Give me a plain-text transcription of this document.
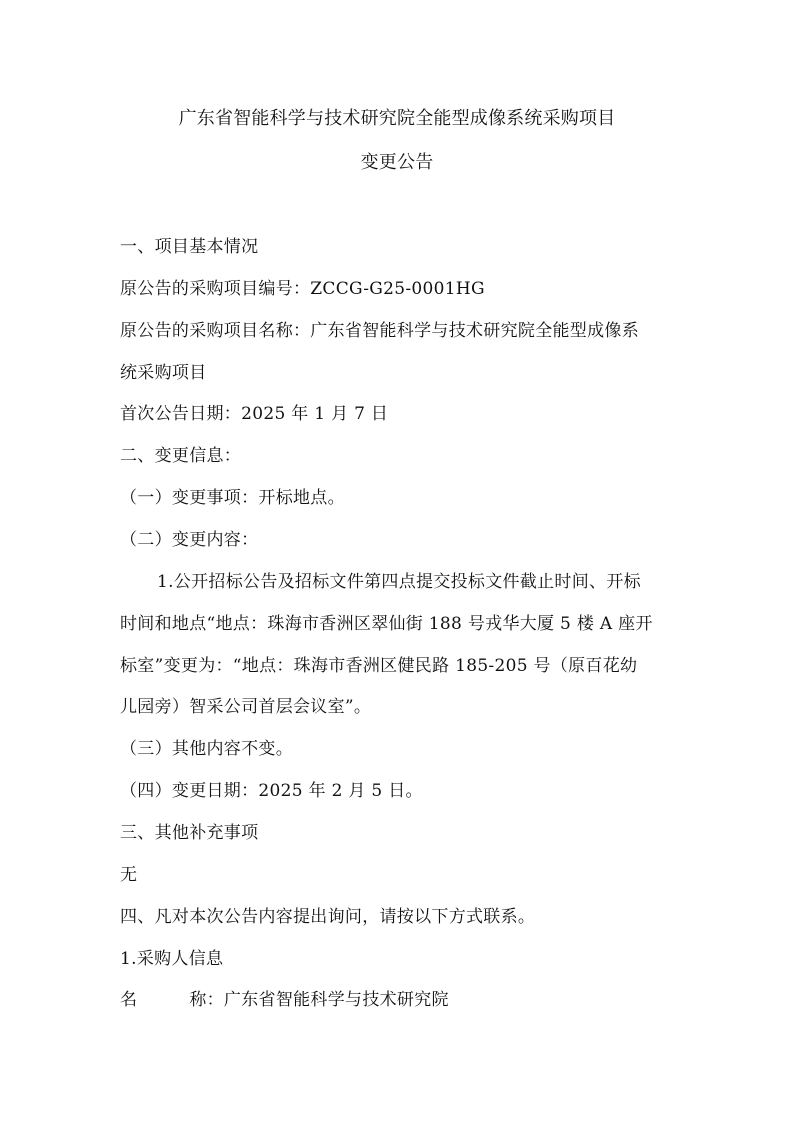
广东省智能科学与技术研究院全能型成像系统采购项目
变更公告
一、项目基本情况
原公告的采购项目编号：ZCCG-G25-0001HG
原公告的采购项目名称：广东省智能科学与技术研究院全能型成像系
统采购项目
首次公告日期：2025 年 1 月 7 日
二、变更信息：
（一）变更事项：开标地点。
（二）变更内容：
1.公开招标公告及招标文件第四点提交投标文件截止时间、开标
时间和地点“地点：珠海市香洲区翠仙街 188 号戎华大厦 5 楼 A 座开
标室”变更为：“地点：珠海市香洲区健民路 185-205 号（原百花幼
儿园旁）智采公司首层会议室”。
（三）其他内容不变。
（四）变更日期：2025 年 2 月 5 日。
三、其他补充事项
无
四、凡对本次公告内容提出询问，请按以下方式联系。
1.采购人信息
名	称：广东省智能科学与技术研究院
